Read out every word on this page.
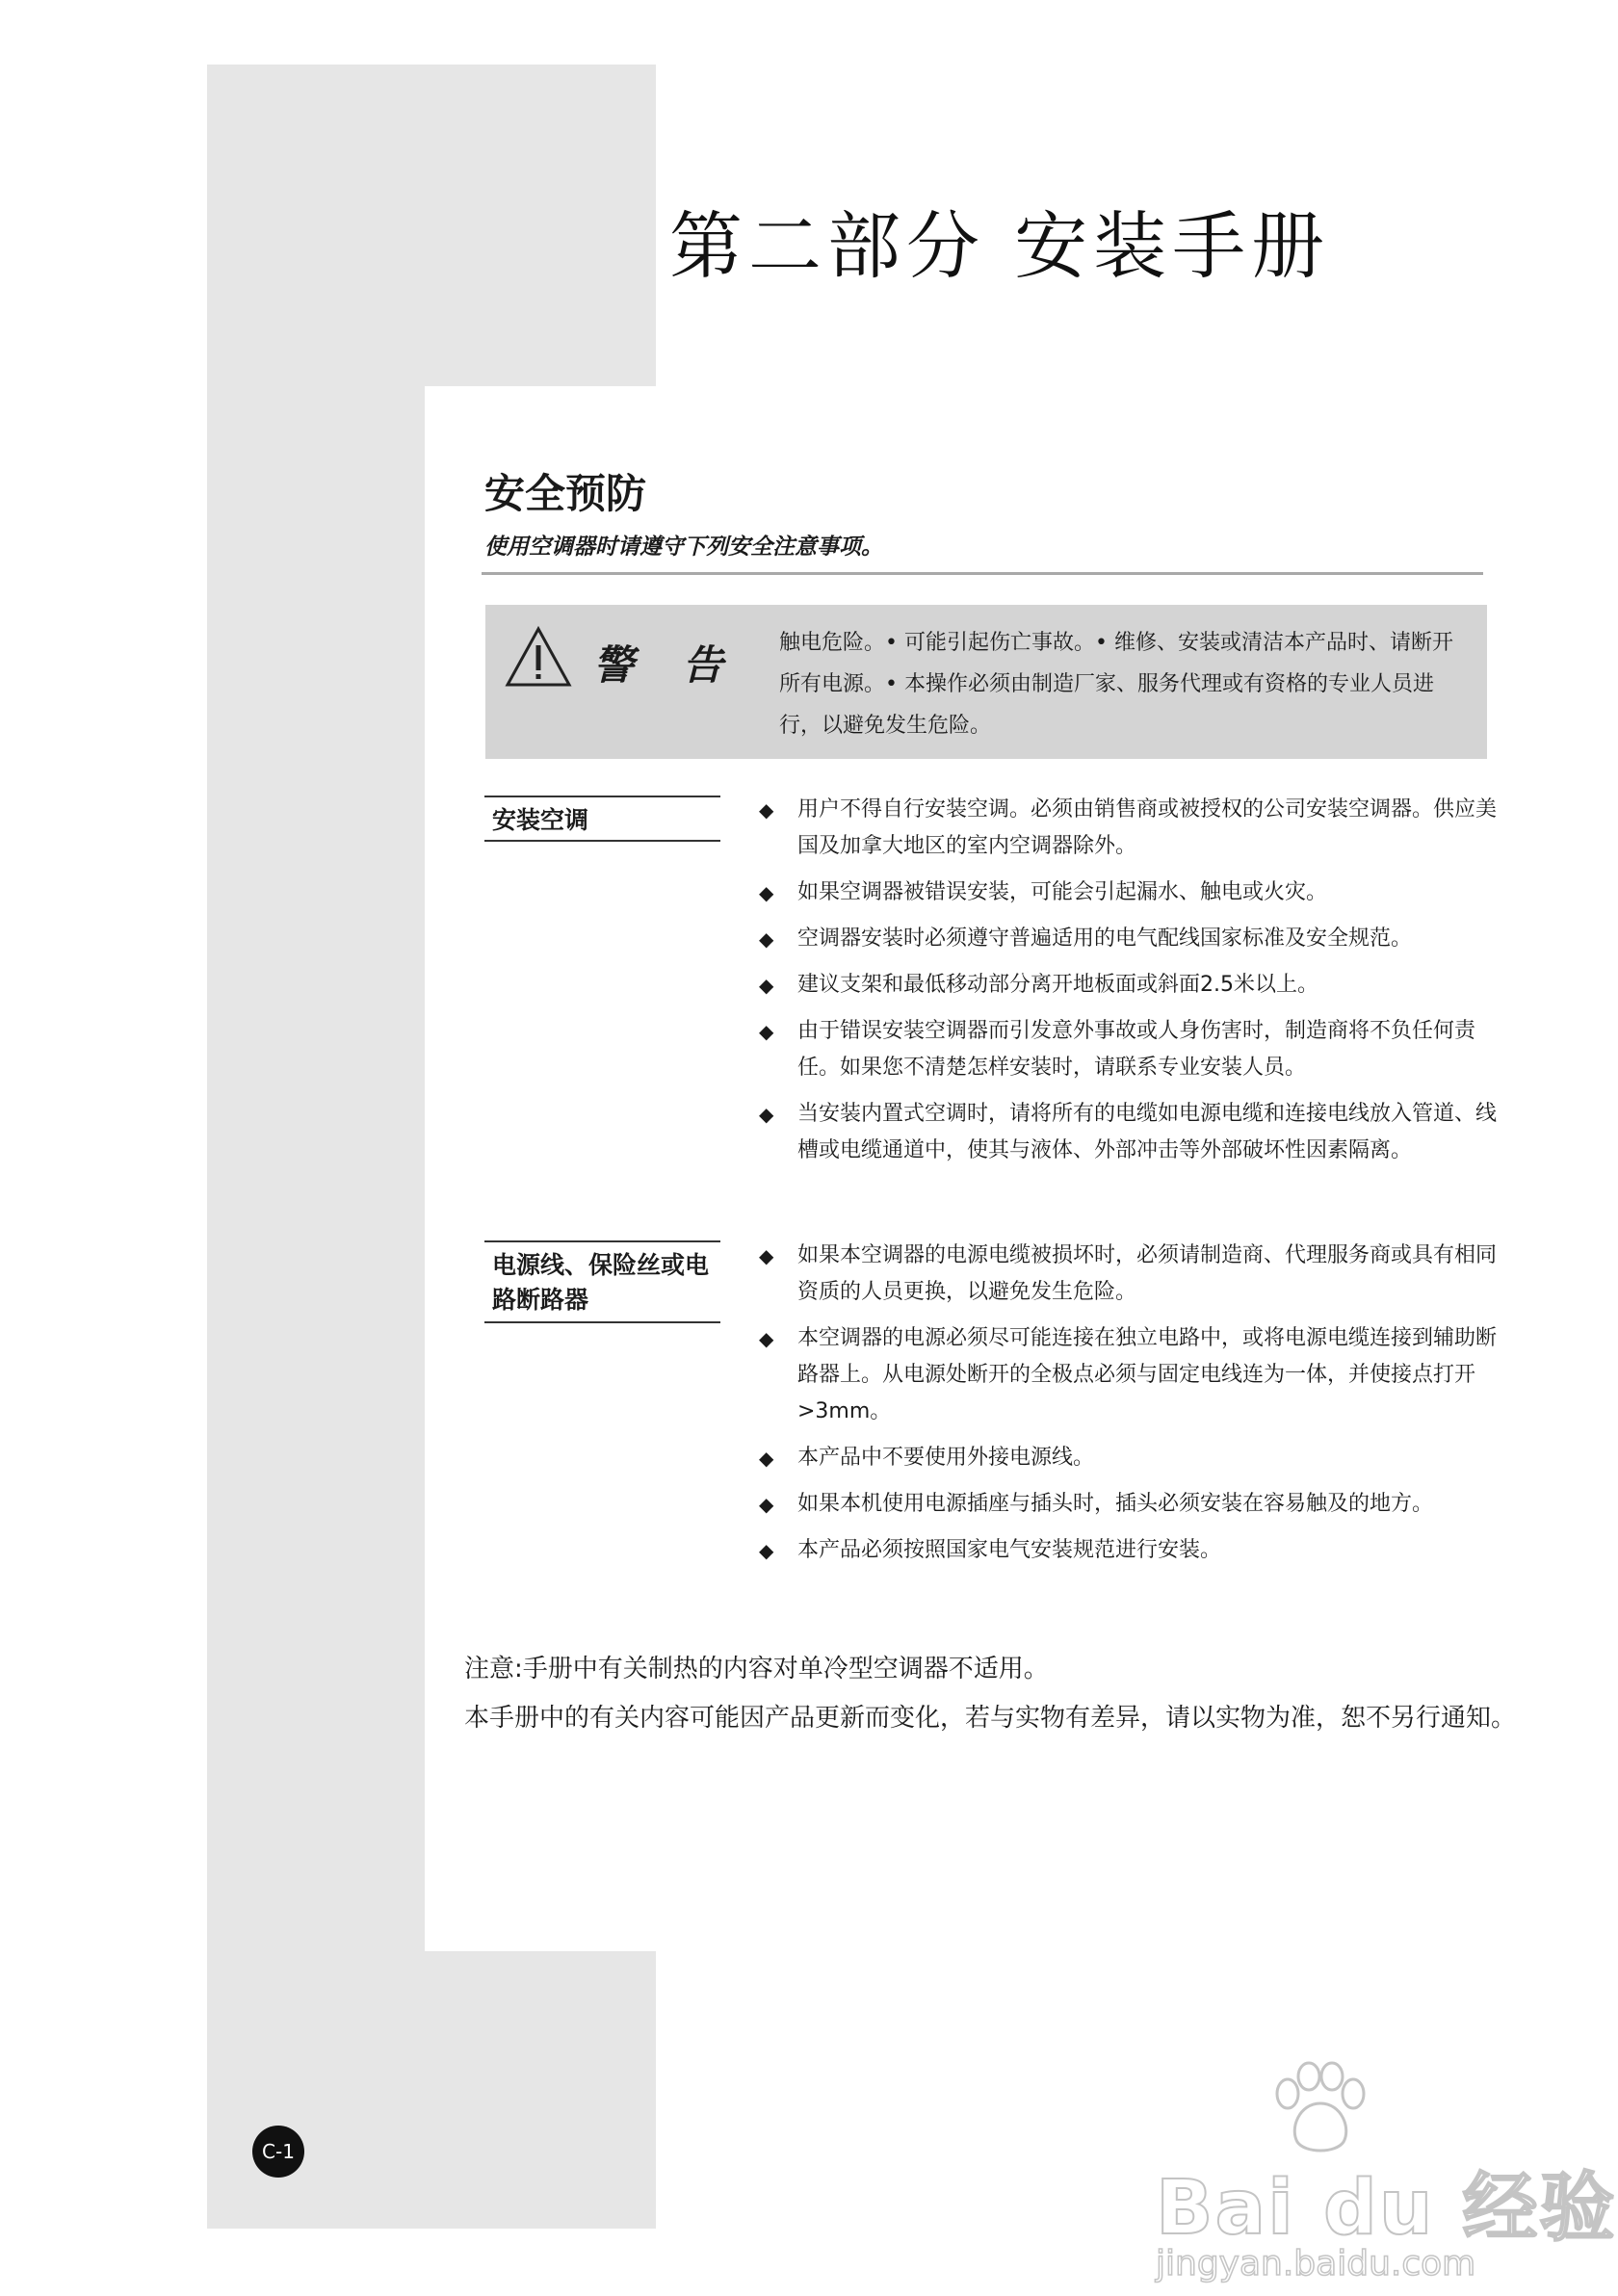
第二部分 安装手册
安全预防
使用空调器时请遵守下列安全注意事项。
警 告 触电危险。• 可能引起伤亡事故。• 维修、安装或清洁本产品时、请断开所有电源。• 本操作必须由制造厂家、服务代理或有资格的专业人员进行，以避免发生危险。
安装空调	◆ 用户不得自行安装空调。必须由销售商或被授权的公司安装空调器。供应美国及加拿大地区的室内空调器除外。
◆ 如果空调器被错误安装，可能会引起漏水、触电或火灾。
◆ 空调器安装时必须遵守普遍适用的电气配线国家标准及安全规范。
◆ 建议支架和最低移动部分离开地板面或斜面2.5米以上。
◆ 由于错误安装空调器而引发意外事故或人身伤害时，制造商将不负任何责任。如果您不清楚怎样安装时，请联系专业安装人员。
◆ 当安装内置式空调时，请将所有的电缆如电源电缆和连接电线放入管道、线槽或电缆通道中，使其与液体、外部冲击等外部破坏性因素隔离。
电源线、保险丝或电路断路器
◆ 如果本空调器的电源电缆被损坏时，必须请制造商、代理服务商或具有相同资质的人员更换，以避免发生危险。
◆ 本空调器的电源必须尽可能连接在独立电路中，或将电源电缆连接到辅助断路器上。从电源处断开的全极点必须与固定电线连为一体，并使接点打开>3mm。
◆ 本产品中不要使用外接电源线。
◆ 如果本机使用电源插座与插头时，插头必须安装在容易触及的地方。
◆ 本产品必须按照国家电气安装规范进行安装。
注意:手册中有关制热的内容对单冷型空调器不适用。
本手册中的有关内容可能因产品更新而变化，若与实物有差异，请以实物为准，恕不另行通知。
C-1
Bai du 经验
jingyan.baidu.com
